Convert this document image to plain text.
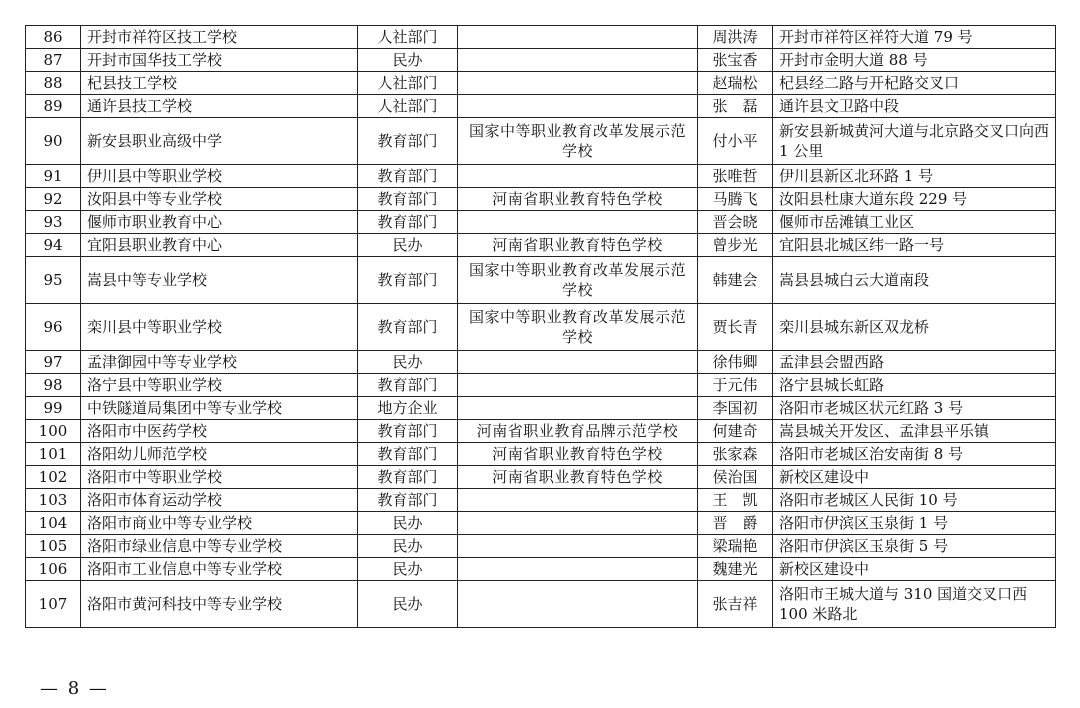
86	开封市祥符区技工学校	人社部门		周洪涛	开封市祥符区祥符大道 79 号
87	开封市国华技工学校	民办		张宝香	开封市金明大道 88 号
88	杞县技工学校	人社部门		赵瑞松	杞县经二路与开杞路交叉口
89	通许县技工学校	人社部门		张　磊	通许县文卫路中段
90	新安县职业高级中学	教育部门	国家中等职业教育改革发展示范学校	付小平	新安县新城黄河大道与北京路交叉口向西 1 公里
91	伊川县中等职业学校	教育部门		张唯哲	伊川县新区北环路 1 号
92	汝阳县中等专业学校	教育部门	河南省职业教育特色学校	马腾飞	汝阳县杜康大道东段 229 号
93	偃师市职业教育中心	教育部门		晋会晓	偃师市岳滩镇工业区
94	宜阳县职业教育中心	民办	河南省职业教育特色学校	曾步光	宜阳县北城区纬一路一号
95	嵩县中等专业学校	教育部门	国家中等职业教育改革发展示范学校	韩建会	嵩县县城白云大道南段
96	栾川县中等职业学校	教育部门	国家中等职业教育改革发展示范学校	贾长青	栾川县城东新区双龙桥
97	孟津御园中等专业学校	民办		徐伟卿	孟津县会盟西路
98	洛宁县中等职业学校	教育部门		于元伟	洛宁县城长虹路
99	中铁隧道局集团中等专业学校	地方企业		李国初	洛阳市老城区状元红路 3 号
100	洛阳市中医药学校	教育部门	河南省职业教育品牌示范学校	何建奇	嵩县城关开发区、孟津县平乐镇
101	洛阳幼儿师范学校	教育部门	河南省职业教育特色学校	张家森	洛阳市老城区治安南街 8 号
102	洛阳市中等职业学校	教育部门	河南省职业教育特色学校	侯治国	新校区建设中
103	洛阳市体育运动学校	教育部门		王　凯	洛阳市老城区人民街 10 号
104	洛阳市商业中等专业学校	民办		晋　爵	洛阳市伊滨区玉泉街 1 号
105	洛阳市绿业信息中等专业学校	民办		梁瑞艳	洛阳市伊滨区玉泉街 5 号
106	洛阳市工业信息中等专业学校	民办		魏建光	新校区建设中
107	洛阳市黄河科技中等专业学校	民办		张吉祥	洛阳市王城大道与 310 国道交叉口西 100 米路北
— 8 —
